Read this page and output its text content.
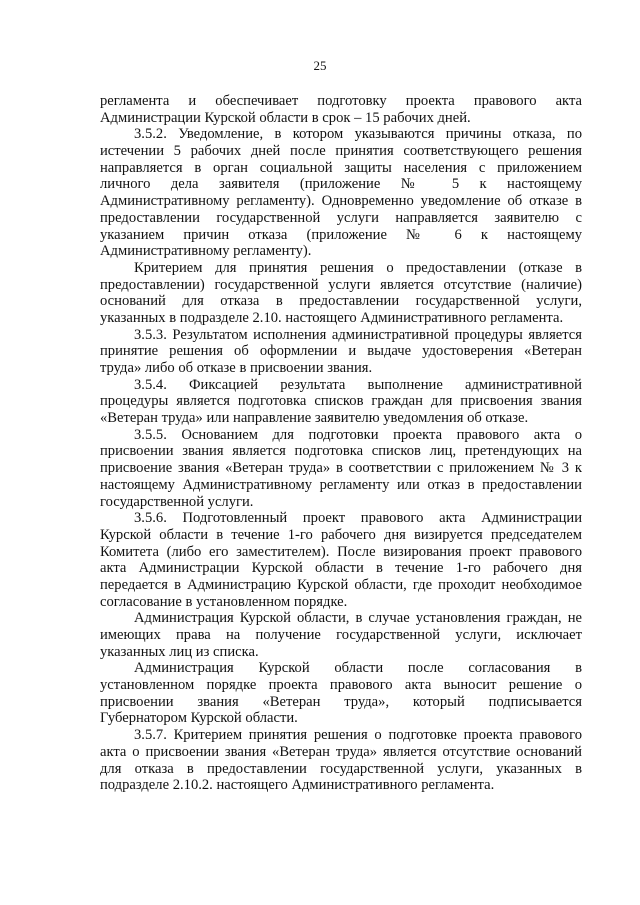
25
регламента и обеспечивает подготовку проекта правового акта
Администрации Курской области в срок – 15 рабочих дней.
3.5.2. Уведомление, в котором указываются причины отказа, по
истечении 5 рабочих дней после принятия соответствующего решения
направляется в орган социальной защиты населения с приложением
личного дела заявителя (приложение № 5 к настоящему
Административному регламенту). Одновременно уведомление об отказе в
предоставлении государственной услуги направляется заявителю с
указанием причин отказа (приложение № 6 к настоящему
Административному регламенту).
Критерием для принятия решения о предоставлении (отказе в
предоставлении) государственной услуги является отсутствие (наличие)
оснований для отказа в предоставлении государственной услуги,
указанных в подразделе 2.10. настоящего Административного регламента.
3.5.3. Результатом исполнения административной процедуры является
принятие решения об оформлении и выдаче удостоверения «Ветеран
труда» либо об отказе в присвоении звания.
3.5.4. Фиксацией результата выполнение административной
процедуры является подготовка списков граждан для присвоения звания
«Ветеран труда» или направление заявителю уведомления об отказе.
3.5.5. Основанием для подготовки проекта правового акта о
присвоении звания является подготовка списков лиц, претендующих на
присвоение звания «Ветеран труда» в соответствии с приложением № 3 к
настоящему Административному регламенту или отказ в предоставлении
государственной услуги.
3.5.6. Подготовленный проект правового акта Администрации
Курской области в течение 1-го рабочего дня визируется председателем
Комитета (либо его заместителем). После визирования проект правового
акта Администрации Курской области в течение 1-го рабочего дня
передается в Администрацию Курской области, где проходит необходимое
согласование в установленном порядке.
Администрация Курской области, в случае установления граждан, не
имеющих права на получение государственной услуги, исключает
указанных лиц из списка.
Администрация Курской области после согласования в
установленном порядке проекта правового акта выносит решение о
присвоении звания «Ветеран труда», который подписывается
Губернатором Курской области.
3.5.7. Критерием принятия решения о подготовке проекта правового
акта о присвоении звания «Ветеран труда» является отсутствие оснований
для отказа в предоставлении государственной услуги, указанных в
подразделе 2.10.2. настоящего Административного регламента.
